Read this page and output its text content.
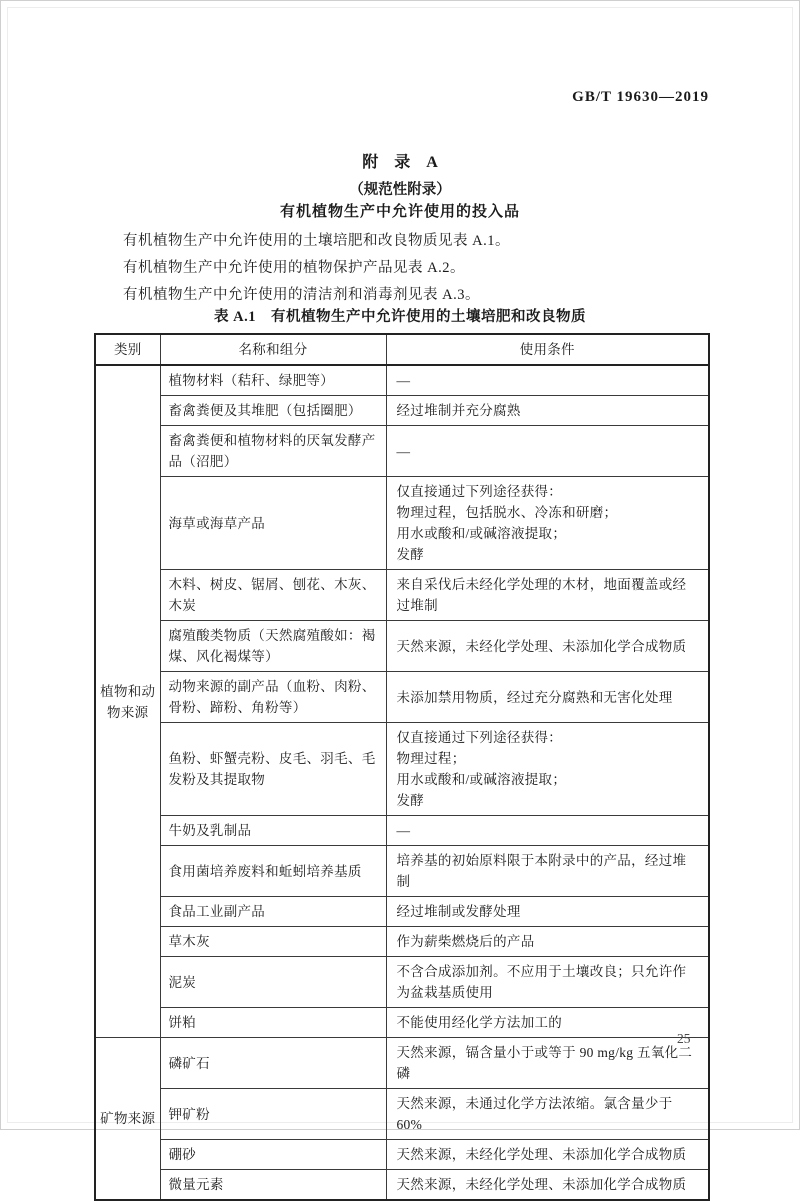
GB/T 19630—2019
附　录　A
（规范性附录）
有机植物生产中允许使用的投入品

有机植物生产中允许使用的土壤培肥和改良物质见表 A.1。

有机植物生产中允许使用的植物保护产品见表 A.2。

有机植物生产中允许使用的清洁剂和消毒剂见表 A.3。

表 A.1　有机植物生产中允许使用的土壤培肥和改良物质
类别	名称和组分	使用条件
植物和动物来源	植物材料（秸秆、绿肥等）	—

	畜禽粪便及其堆肥（包括圈肥）	经过堆制并充分腐熟

	畜禽粪便和植物材料的厌氧发酵产品（沼肥）	—

	海草或海草产品	仅直接通过下列途径获得：
物理过程，包括脱水、冷冻和研磨；
用水或酸和/或碱溶液提取；
发酵

	木料、树皮、锯屑、刨花、木灰、木炭	来自采伐后未经化学处理的木材，地面覆盖或经过堆制

	腐殖酸类物质（天然腐殖酸如：褐煤、风化褐煤等）	天然来源，未经化学处理、未添加化学合成物质

	动物来源的副产品（血粉、肉粉、骨粉、蹄粉、角粉等）	未添加禁用物质，经过充分腐熟和无害化处理

	鱼粉、虾蟹壳粉、皮毛、羽毛、毛发粉及其提取物	仅直接通过下列途径获得：
物理过程；
用水或酸和/或碱溶液提取；
发酵

	牛奶及乳制品	—

	食用菌培养废料和蚯蚓培养基质	培养基的初始原料限于本附录中的产品，经过堆制

	食品工业副产品	经过堆制或发酵处理

	草木灰	作为薪柴燃烧后的产品

	泥炭	不含合成添加剂。不应用于土壤改良；只允许作为盆栽基质使用

	饼粕	不能使用经化学方法加工的

矿物来源	磷矿石	天然来源，镉含量小于或等于 90 mg/kg 五氧化二磷

	钾矿粉	天然来源，未通过化学方法浓缩。氯含量少于 60%

	硼砂	天然来源，未经化学处理、未添加化学合成物质

	微量元素	天然来源，未经化学处理、未添加化学合成物质
25
